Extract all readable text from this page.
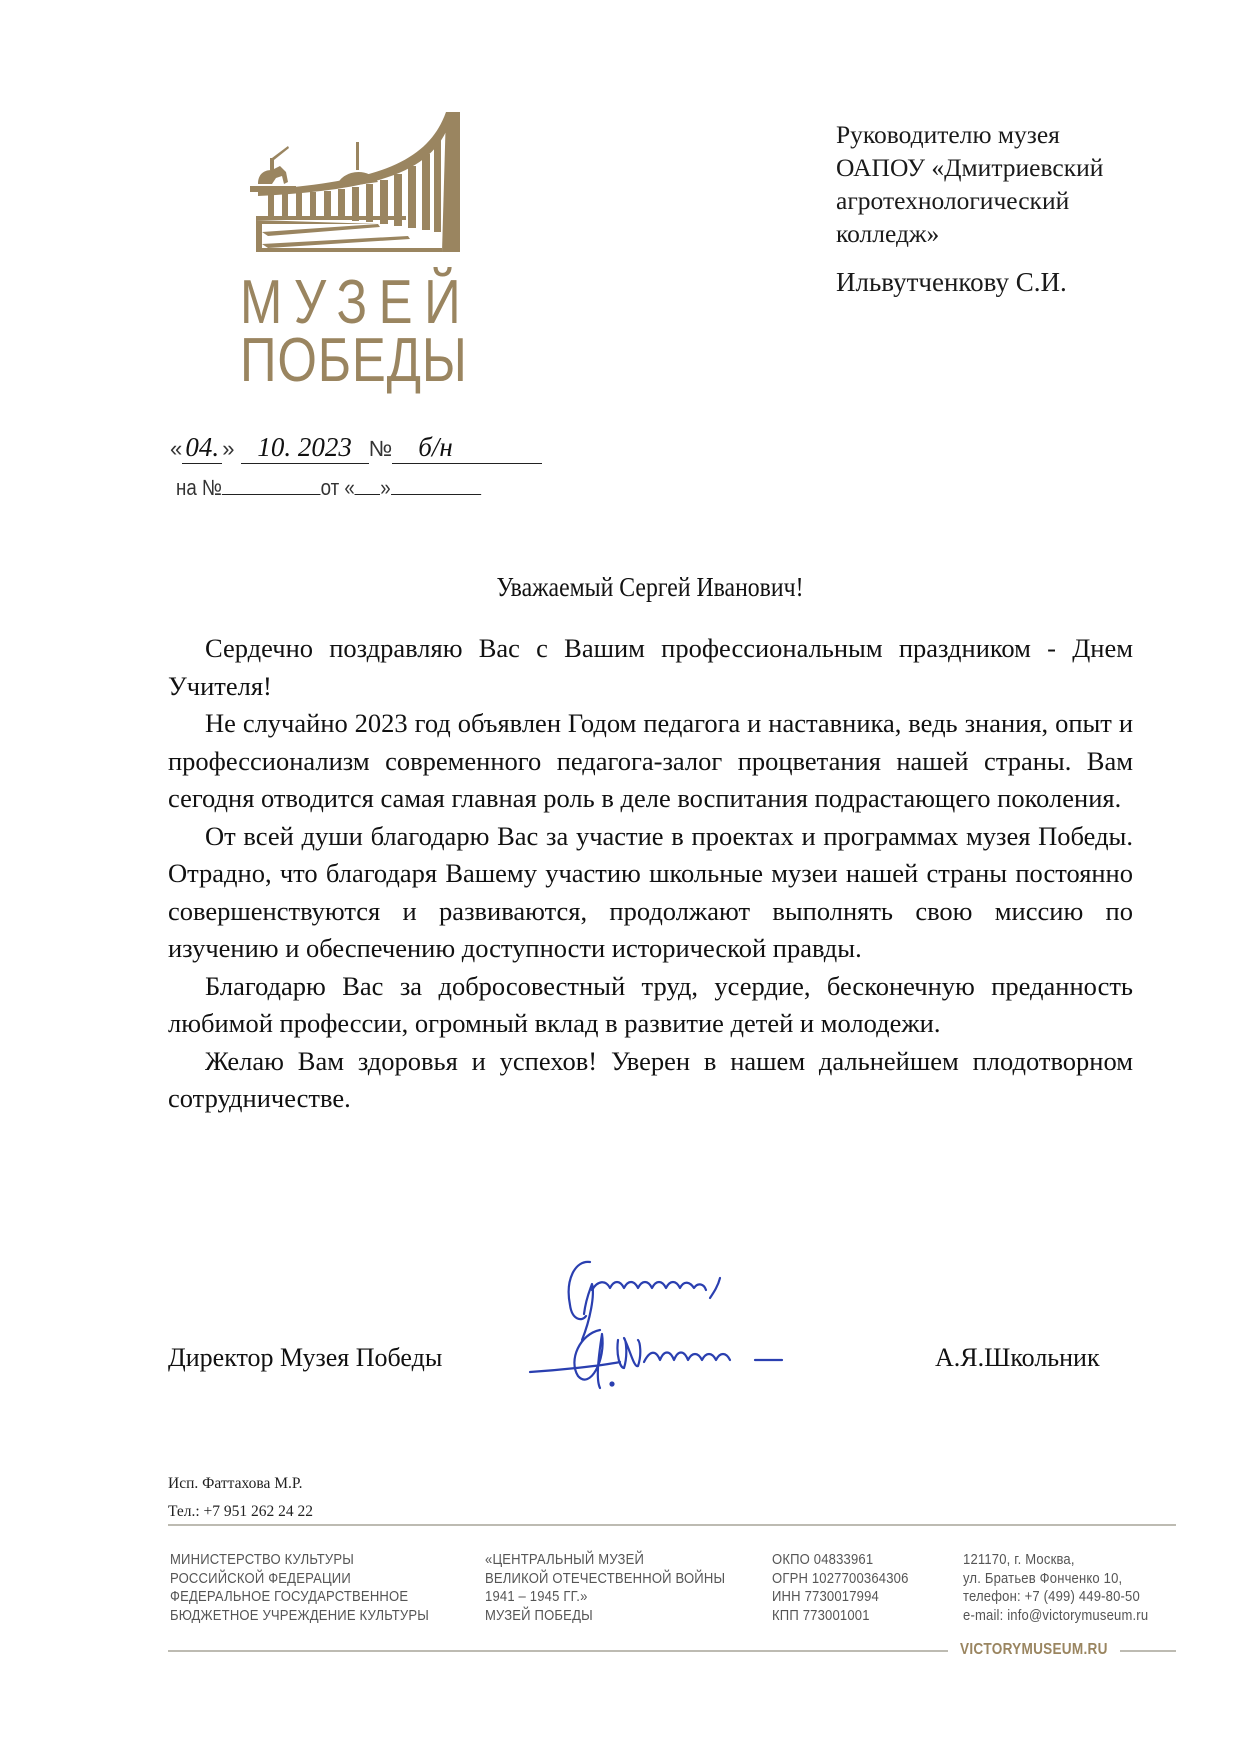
МУЗЕЙ
ПОБЕДЫ
Руководителю музея
ОАПОУ «Дмитриевский
агротехнологический
колледж»
Ильвутченкову С.И.
« 04. » 10. 2023 № б/н
на №	от « »
Уважаемый Сергей Иванович!

Сердечно поздравляю Вас с Вашим профессиональным праздником - Днем Учителя!

Не случайно 2023 год объявлен Годом педагога и наставника, ведь знания, опыт и профессионализм современного педагога-залог процветания нашей страны. Вам сегодня отводится самая главная роль в деле воспитания подрастающего поколения.

От всей души благодарю Вас за участие в проектах и программах музея Победы. Отрадно, что благодаря Вашему участию школьные музеи нашей страны постоянно совершенствуются и развиваются, продолжают выполнять свою миссию по изучению и обеспечению доступности исторической правды.

Благодарю Вас за добросовестный труд, усердие, бесконечную преданность любимой профессии, огромный вклад в развитие детей и молодежи.

Желаю Вам здоровья и успехов! Уверен в нашем дальнейшем плодотворном сотрудничестве.

Директор Музея Победы	А.Я.Школьник
Исп. Фаттахова М.Р.
Тел.: +7 951 262 24 22
МИНИСТЕРСТВО КУЛЬТУРЫ
РОССИЙСКОЙ ФЕДЕРАЦИИ
ФЕДЕРАЛЬНОЕ ГОСУДАРСТВЕННОЕ
БЮДЖЕТНОЕ УЧРЕЖДЕНИЕ КУЛЬТУРЫ
«ЦЕНТРАЛЬНЫЙ МУЗЕЙ
ВЕЛИКОЙ ОТЕЧЕСТВЕННОЙ ВОЙНЫ
1941 – 1945 ГГ.»
МУЗЕЙ ПОБЕДЫ
ОКПО 04833961
ОГРН 1027700364306
ИНН 7730017994
КПП 773001001
121170, г. Москва,
ул. Братьев Фонченко 10,
телефон: +7 (499) 449-80-50
e-mail: info@victorymuseum.ru
VICTORYMUSEUM.RU
